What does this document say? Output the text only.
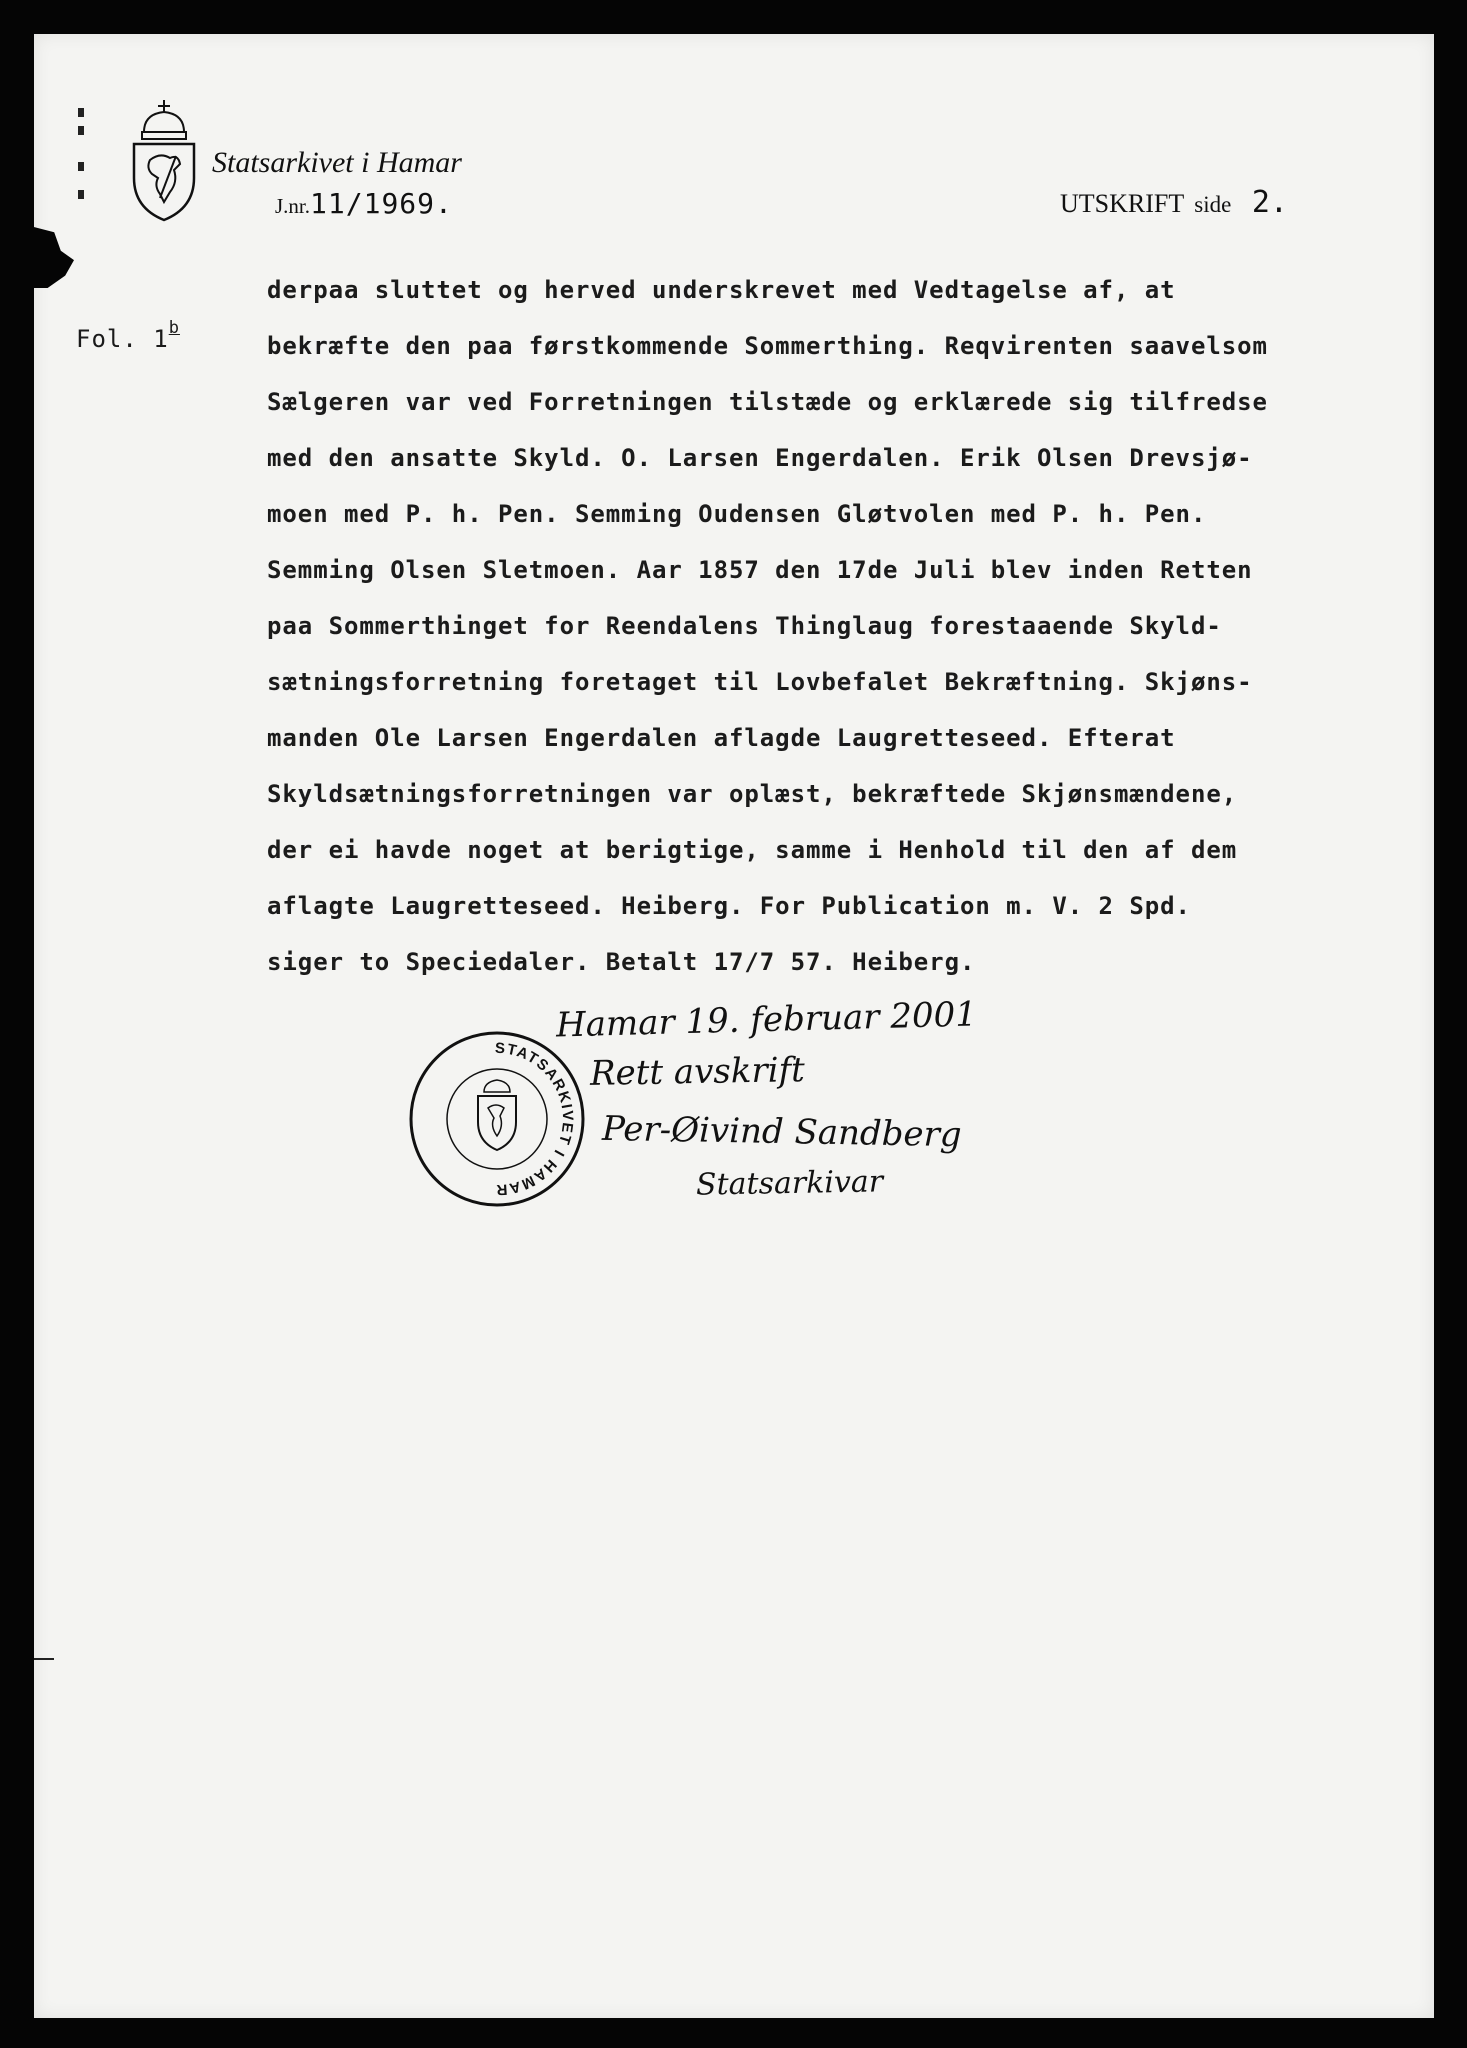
Statsarkivet i Hamar
J.nr.11/1969.	UTSKRIFT side 2.
Fol. 1$^b$
derpaa sluttet og herved underskrevet med Vedtagelse af, at
bekræfte den paa førstkommende Sommerthing. Reqvirenten saavelsom
Sælgeren var ved Forretningen tilstæde og erklærede sig tilfredse
med den ansatte Skyld. O. Larsen Engerdalen. Erik Olsen Drevsjø-
moen med P. h. Pen. Semming Oudensen Gløtvolen med P. h. Pen.
Semming Olsen Sletmoen. Aar 1857 den 17de Juli blev inden Retten
paa Sommerthinget for Reendalens Thinglaug forestaaende Skyld-
sætningsforretning foretaget til Lovbefalet Bekræftning. Skjøns-
manden Ole Larsen Engerdalen aflagde Laugretteseed. Efterat
Skyldsætningsforretningen var oplæst, bekræftede Skjønsmændene,
der ei havde noget at berigtige, samme i Henhold til den af dem
aflagte Laugretteseed. Heiberg. For Publication m. V. 2 Spd.
siger to Speciedaler. Betalt 17/7 57. Heiberg.
Hamar 19. februar 2001
Rett avskrift
Per-Øivind Sandberg
Statsarkivar
STATSARKIVET I HAMAR
